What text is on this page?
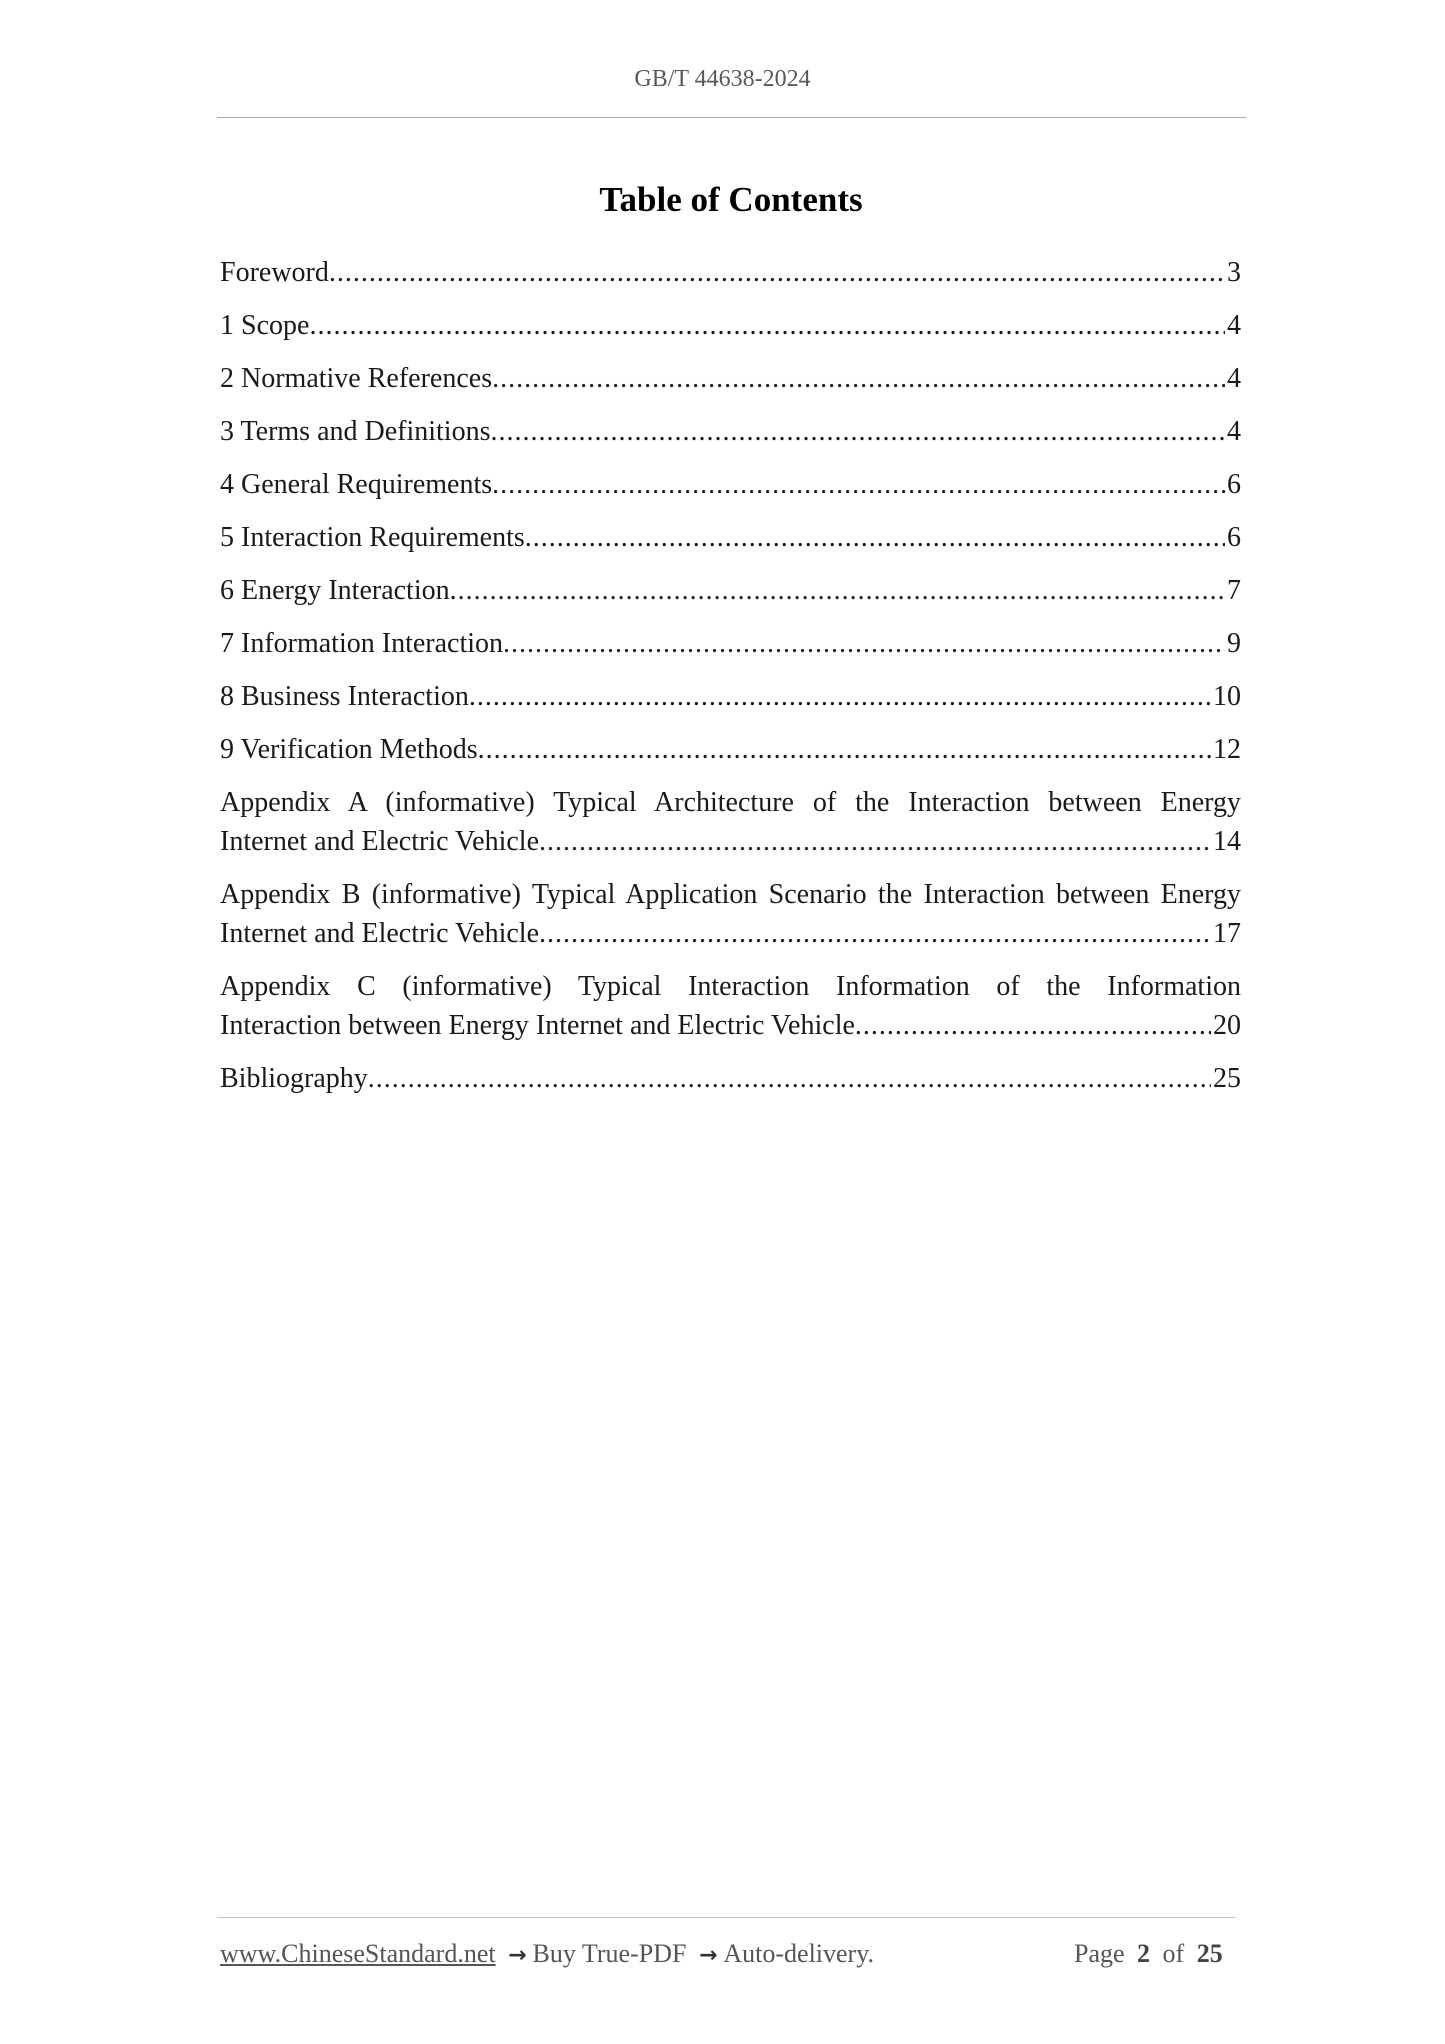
GB/T 44638-2024
Table of Contents
Foreword .....	3
1 Scope .....	4
2 Normative References .....	4
3 Terms and Definitions .....	4
4 General Requirements .....	6
5 Interaction Requirements .....	6
6 Energy Interaction .....	7
7 Information Interaction .....	9
8 Business Interaction .....	10
9 Verification Methods .....	12
Appendix A (informative) Typical Architecture of the Interaction between Energy
Internet and Electric Vehicle .....	14
Appendix B (informative) Typical Application Scenario the Interaction between Energy
Internet and Electric Vehicle .....	17
Appendix C (informative) Typical Interaction Information of the Information
Interaction between Energy Internet and Electric Vehicle .....	20
Bibliography .....	25
www.ChineseStandard.net → Buy True-PDF → Auto-delivery.	Page 2 of 25
